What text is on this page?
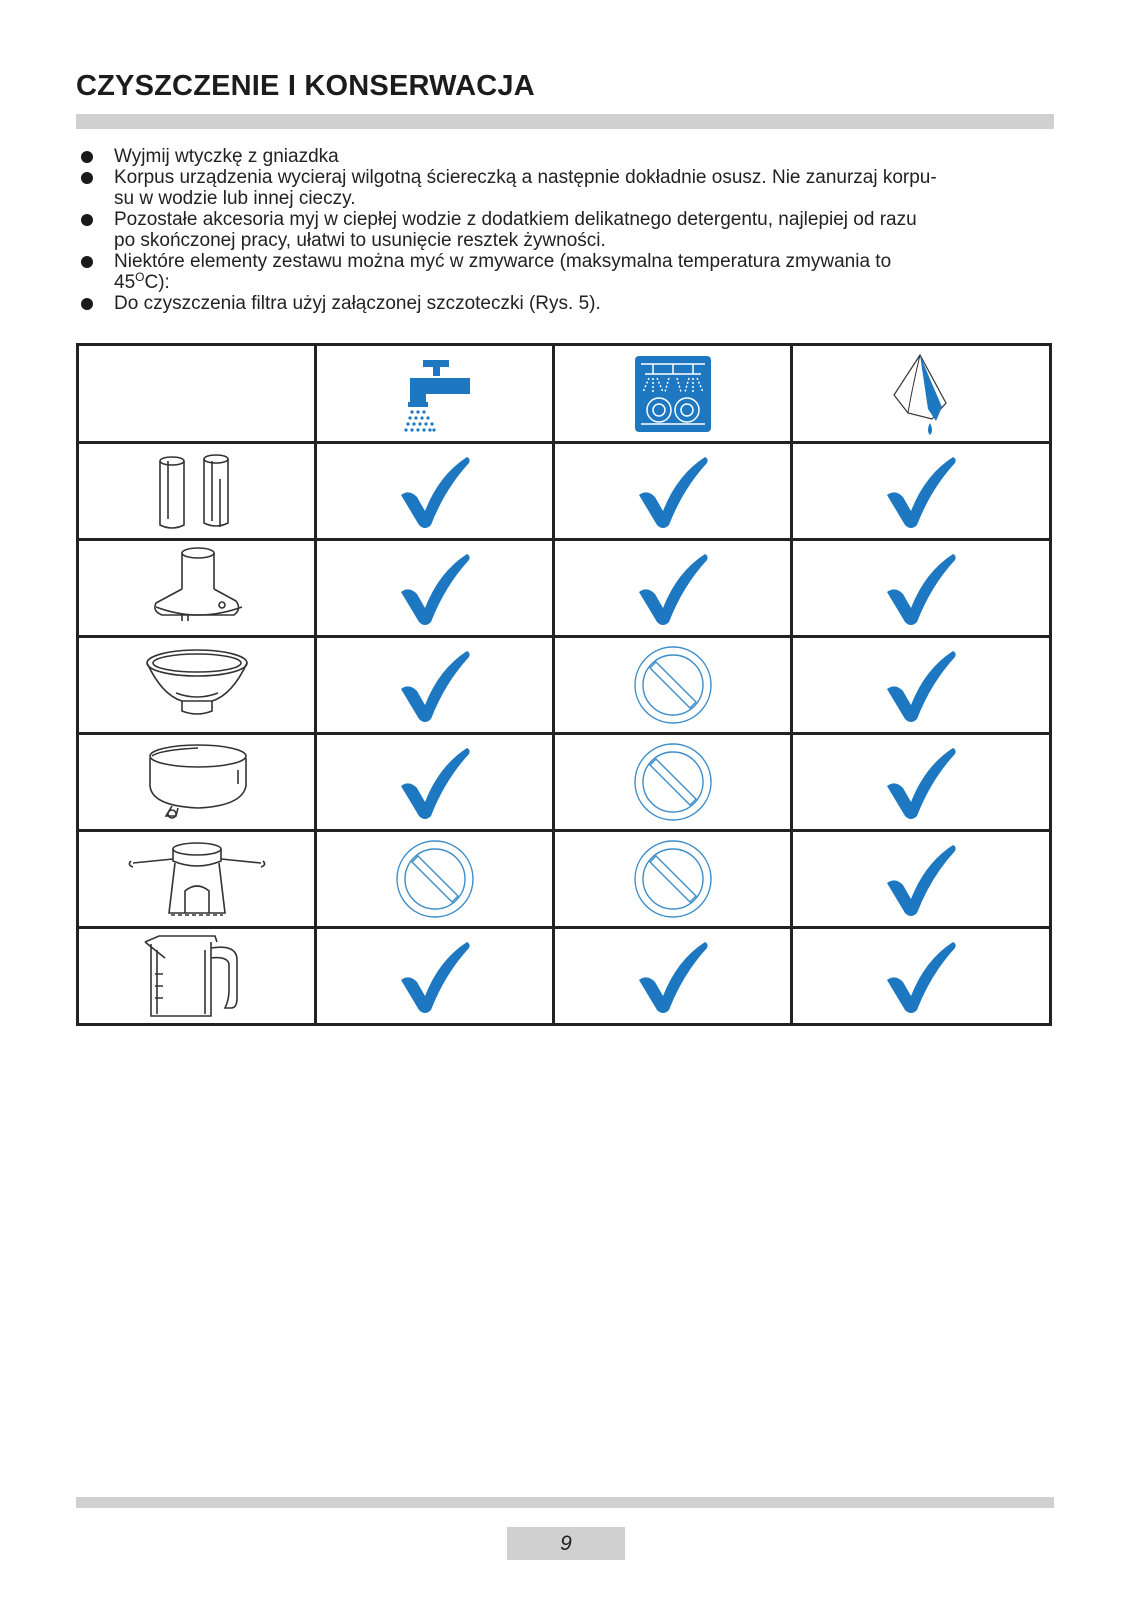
CZYSZCZENIE I KONSERWACJA
Wyjmij wtyczkę z gniazdka
Korpus urządzenia wycieraj wilgotną ściereczką a następnie dokładnie osusz. Nie zanurzaj korpu-
su w wodzie lub innej cieczy.
Pozostałe akcesoria myj w ciepłej wodzie z dodatkiem delikatnego detergentu, najlepiej od razu
po skończonej pracy, ułatwi to usunięcie resztek żywności.
Niektóre elementy zestawu można myć w zmywarce (maksymalna temperatura zmywania to
$45^OC$):
Do czyszczenia filtra użyj załączonej szczoteczki (Rys. 5).
9
